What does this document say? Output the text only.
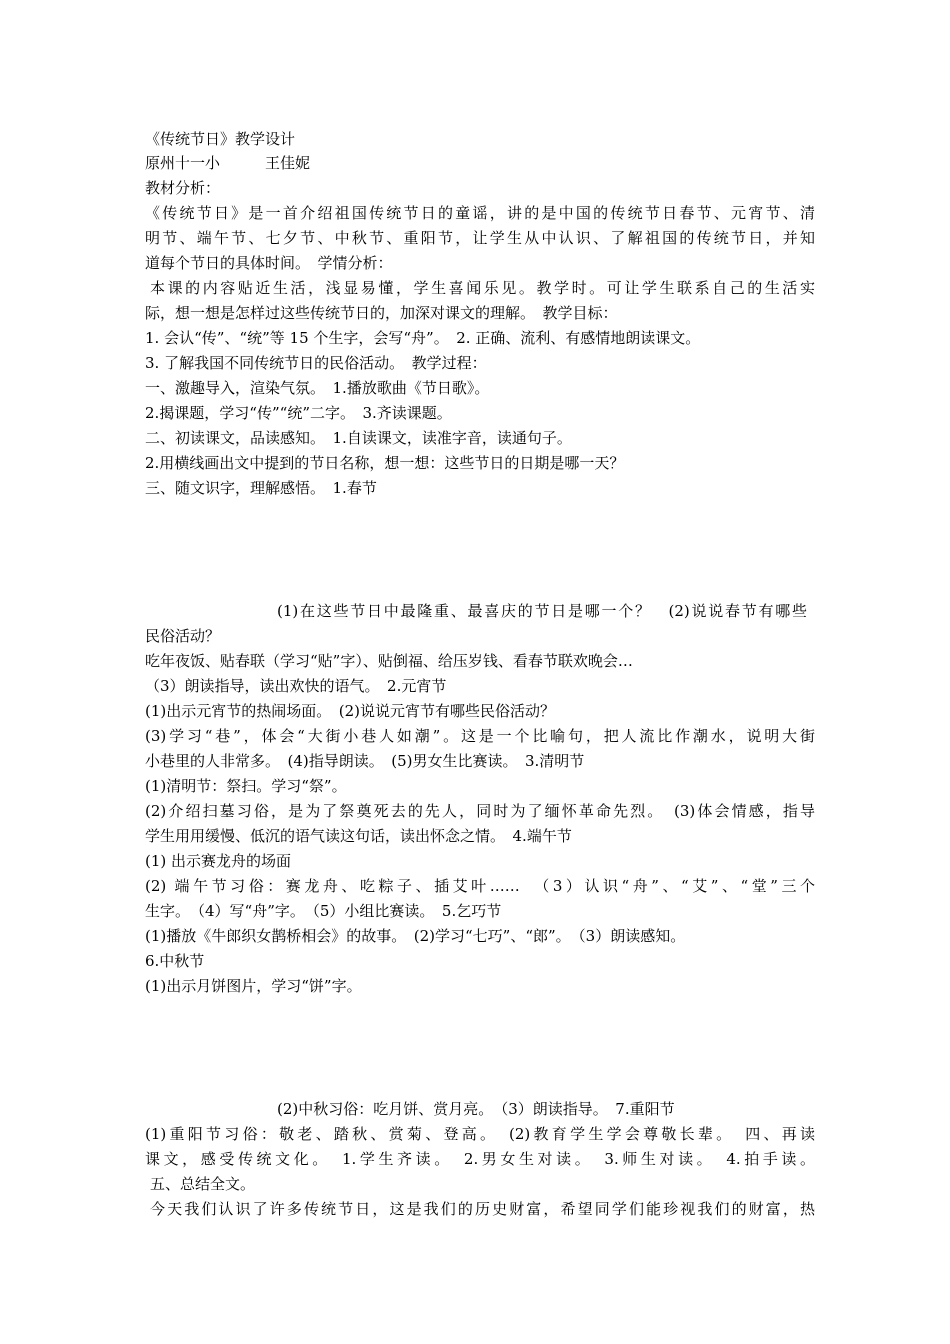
《传统节日》教学设计
原州十一小　　　王佳妮
教材分析：
《传统节日》是一首介绍祖国传统节日的童谣，讲的是中国的传统节日春节、元宵节、清
明节、端午节、七夕节、中秋节、重阳节，让学生从中认识、了解祖国的传统节日，并知
道每个节日的具体时间。　学情分析：
本课的内容贴近生活，浅显易懂，学生喜闻乐见。教学时。可让学生联系自己的生活实
际，想一想是怎样过这些传统节日的，加深对课文的理解。　教学目标：
1. 会认“传”、“统”等 15 个生字，会写“舟”。　2. 正确、流利、有感情地朗读课文。
3. 了解我国不同传统节日的民俗活动。　教学过程：
一、激趣导入，渲染气氛。　1.播放歌曲《节日歌》。
2.揭课题，学习“传”“统”二字。　3.齐读课题。
二、初读课文，品读感知。　1.自读课文，读准字音，读通句子。
2.用横线画出文中提到的节日名称，想一想：这些节日的日期是哪一天？
三、随文识字，理解感悟。　1.春节
(1)在这些节日中最隆重、最喜庆的节日是哪一个？　(2)说说春节有哪些
民俗活动？
吃年夜饭、贴春联（学习“贴”字）、贴倒福、给压岁钱、看春节联欢晚会…
（3）朗读指导，读出欢快的语气。　2.元宵节
(1)出示元宵节的热闹场面。　(2)说说元宵节有哪些民俗活动？
(3)学习“巷”，体会“大街小巷人如潮”。这是一个比喻句，把人流比作潮水，说明大街
小巷里的人非常多。　(4)指导朗读。　(5)男女生比赛读。　3.清明节
(1)清明节：祭扫。学习“祭”。
(2)介绍扫墓习俗，是为了祭奠死去的先人，同时为了缅怀革命先烈。　(3)体会情感，指导
学生用用缓慢、低沉的语气读这句话，读出怀念之情。　4.端午节
(1) 出示赛龙舟的场面
(2) 端午节习俗：赛龙舟、吃粽子、插艾叶……　（3）认识“舟”、“艾”、“堂”三个
生字。　（4）写“舟”字。　（5）小组比赛读。　5.乞巧节
(1)播放《牛郎织女鹊桥相会》的故事。　(2)学习“七巧”、“郎”。　（3）朗读感知。
6.中秋节
(1)出示月饼图片，学习“饼”字。
(2)中秋习俗：吃月饼、赏月亮。　（3）朗读指导。　7.重阳节
(1)重阳节习俗：敬老、踏秋、赏菊、登高。　(2)教育学生学会尊敬长辈。　四、再读
课文，感受传统文化。　1.学生齐读。　2.男女生对读。　3.师生对读。　4.拍手读。
五、总结全文。
今天我们认识了许多传统节日，这是我们的历史财富，希望同学们能珍视我们的财富，热
